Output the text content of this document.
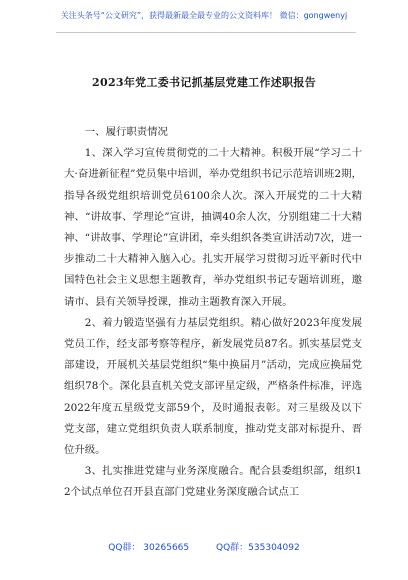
关注头条号“公文研究”，获得最新最全最专业的公文资料库！ 微信：gongwenyj
2023年党工委书记抓基层党建工作述职报告

一、履行职责情况

1、深入学习宣传贯彻党的二十大精神。积极开展“学习二十大·奋进新征程”党员集中培训，举办党组织书记示范培训班2期，指导各级党组织培训党员6100余人次。深入开展党的二十大精神、“讲故事、学理论”宣讲，抽调40余人次，分别组建二十大精神、“讲故事、学理论”宣讲团，牵头组织各类宣讲活动7次，进一步推动二十大精神入脑入心。扎实开展学习贯彻习近平新时代中国特色社会主义思想主题教育，举办党组织书记专题培训班，邀请市、县有关领导授课，推动主题教育深入开展。

2、着力锻造坚强有力基层党组织。精心做好2023年度发展党员工作，经支部考察等程序，新发展党员87名。抓实基层党支部建设，开展机关基层党组织“集中换届月”活动，完成应换届党组织78个。深化县直机关党支部评星定级，严格条件标准，评选2022年度五星级党支部59个，及时通报表彰。对三星级及以下党支部，建立党组织负责人联系制度，推动党支部对标提升、晋位升级。

3、扎实推进党建与业务深度融合。配合县委组织部，组织12个试点单位召开县直部门党建业务深度融合试点工

QQ群： 30265665	QQ群：535304092
